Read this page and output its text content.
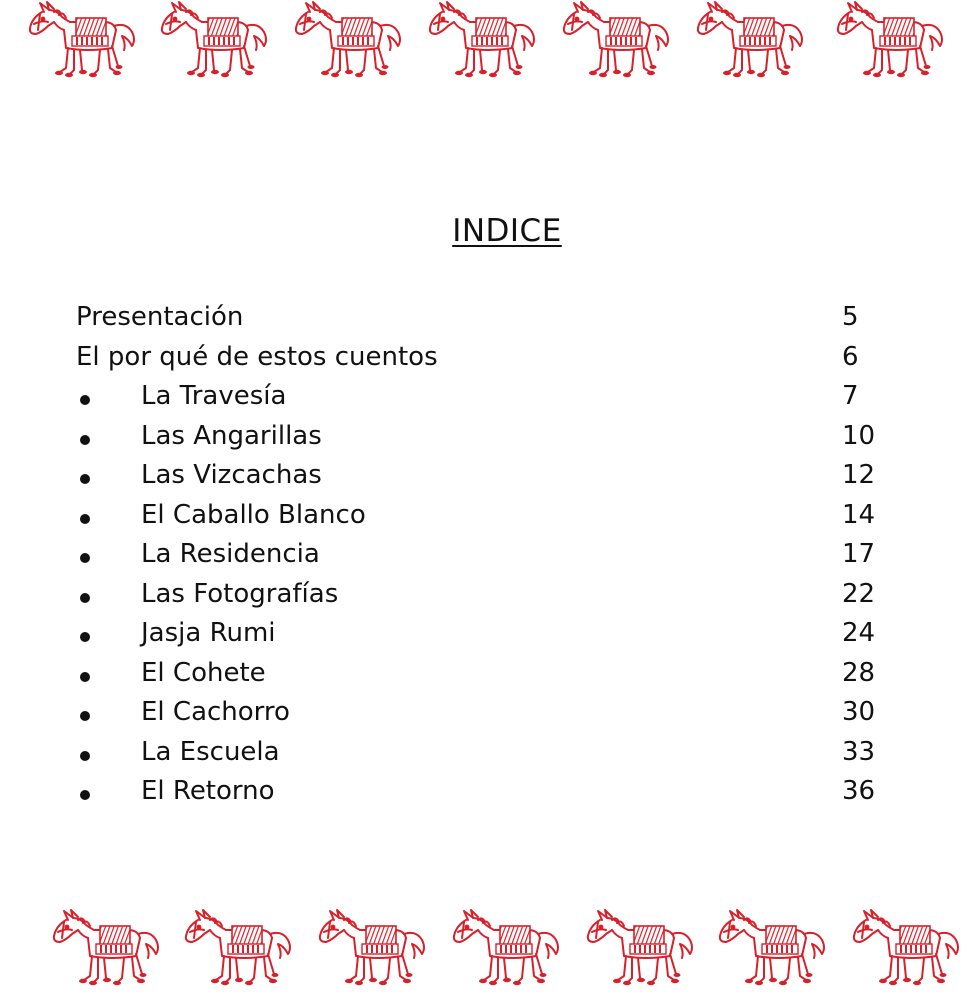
INDICE
Presentación	5
El por qué de estos cuentos	6
La Travesía	7
Las Angarillas	10
Las Vizcachas	12
El Caballo Blanco	14
La Residencia	17
Las Fotografías	22
Jasja Rumi	24
El Cohete	28
El Cachorro	30
La Escuela	33
El Retorno	36
